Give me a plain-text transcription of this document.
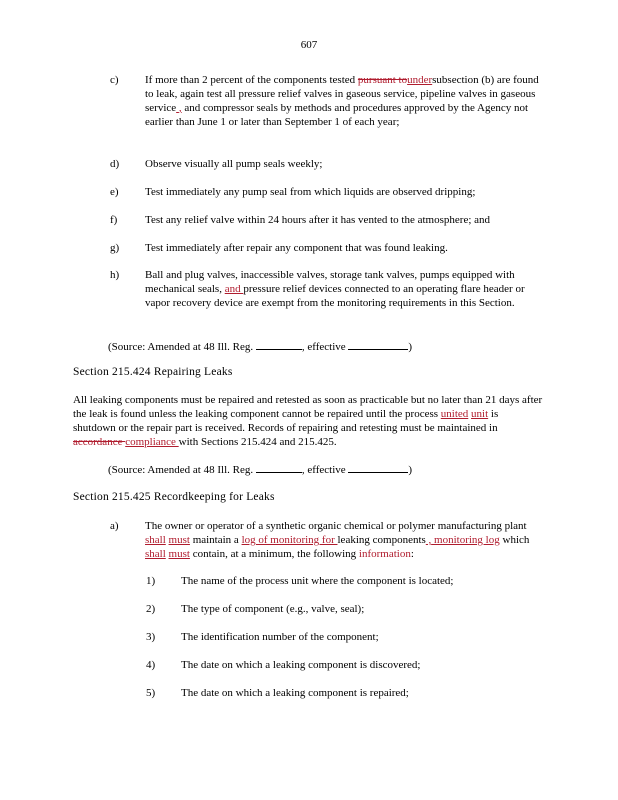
607
c) If more than 2 percent of the components tested pursuant toundersubsection (b) are found to leak, again test all pressure relief valves in gaseous service, pipeline valves in gaseous service , and compressor seals by methods and procedures approved by the Agency not earlier than June 1 or later than September 1 of each year;
d) Observe visually all pump seals weekly;
e) Test immediately any pump seal from which liquids are observed dripping;
f)	Test any relief valve within 24 hours after it has vented to the atmosphere; and
g) Test immediately after repair any component that was found leaking.
h) Ball and plug valves, inaccessible valves, storage tank valves, pumps equipped with mechanical seals, and pressure relief devices connected to an operating flare header or vapor recovery device are exempt from the monitoring requirements in this Section.
(Source: Amended at 48 Ill. Reg.	, effective	)
Section 215.424 Repairing Leaks
All leaking components must be repaired and retested as soon as practicable but no later than 21 days after the leak is found unless the leaking component cannot be repaired until the process united unit is shutdown or the repair part is received. Records of repairing and retesting must be maintained in accordance compliance with Sections 215.424 and 215.425.
(Source: Amended at 48 Ill. Reg.	, effective	)
Section 215.425 Recordkeeping for Leaks
a) The owner or operator of a synthetic organic chemical or polymer manufacturing plant shall must maintain a log of monitoring for leaking components , monitoring log which shall must contain, at a minimum, the following information:
1) The name of the process unit where the component is located;
2) The type of component (e.g., valve, seal);
3) The identification number of the component;
4) The date on which a leaking component is discovered;
5) The date on which a leaking component is repaired;
